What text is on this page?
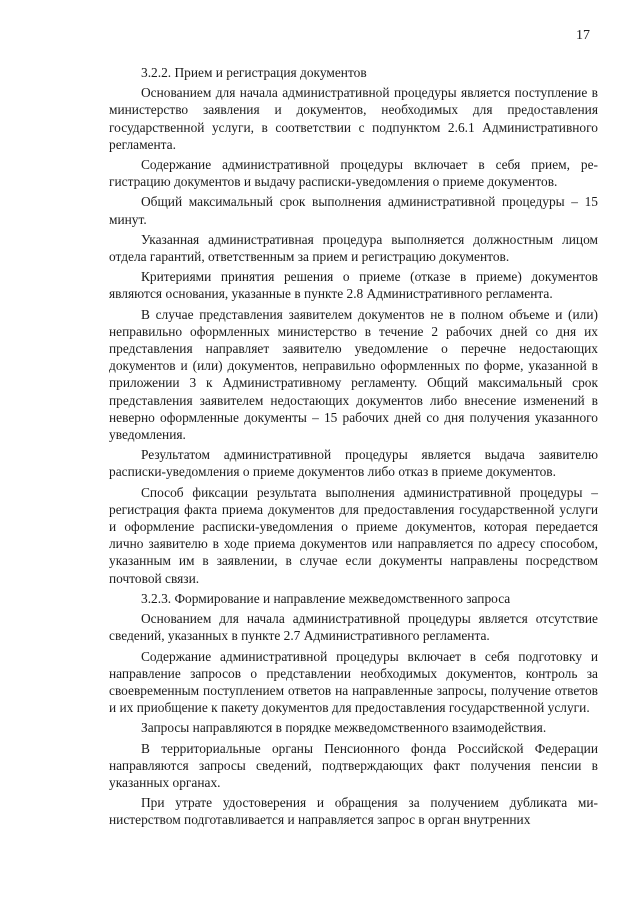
17

3.2.2. Прием и регистрация документов

Основанием для начала административной процедуры является поступление в министерство заявления и документов, необходимых для предоставления государственной услуги, в соответствии с подпунктом 2.6.1 Административного регламента.

Содержание административной процедуры включает в себя прием, регистрацию документов и выдачу расписки-уведомления о приеме документов.

Общий максимальный срок выполнения административной процедуры – 15 минут.

Указанная административная процедура выполняется должностным лицом отдела гарантий, ответственным за прием и регистрацию документов.

Критериями принятия решения о приеме (отказе в приеме) документов являются основания, указанные в пункте 2.8 Административного регламента.

В случае представления заявителем документов не в полном объеме и (или) неправильно оформленных министерство в течение 2 рабочих дней со дня их представления направляет заявителю уведомление о перечне недостающих документов и (или) документов, неправильно оформленных по форме, указанной в приложении 3 к Административному регламенту. Общий максимальный срок представления заявителем недостающих документов либо внесение изменений в неверно оформленные документы – 15 рабочих дней со дня получения указанного уведомления.

Результатом административной процедуры является выдача заявителю расписки-уведомления о приеме документов либо отказ в приеме документов.

Способ фиксации результата выполнения административной процедуры – регистрация факта приема документов для предоставления государственной услуги и оформление расписки-уведомления о приеме документов, которая передается лично заявителю в ходе приема документов или направляется по адресу способом, указанным им в заявлении, в случае если документы направлены посредством почтовой связи.

3.2.3. Формирование и направление межведомственного запроса

Основанием для начала административной процедуры является отсутствие сведений, указанных в пункте 2.7 Административного регламента.

Содержание административной процедуры включает в себя подготовку и направление запросов о представлении необходимых документов, контроль за своевременным поступлением ответов на направленные запросы, получение ответов и их приобщение к пакету документов для предоставления государственной услуги.

Запросы направляются в порядке межведомственного взаимодействия.

В территориальные органы Пенсионного фонда Российской Федерации направляются запросы сведений, подтверждающих факт получения пенсии в указанных органах.

При утрате удостоверения и обращения за получением дубликата министерством подготавливается и направляется запрос в орган внутренних
